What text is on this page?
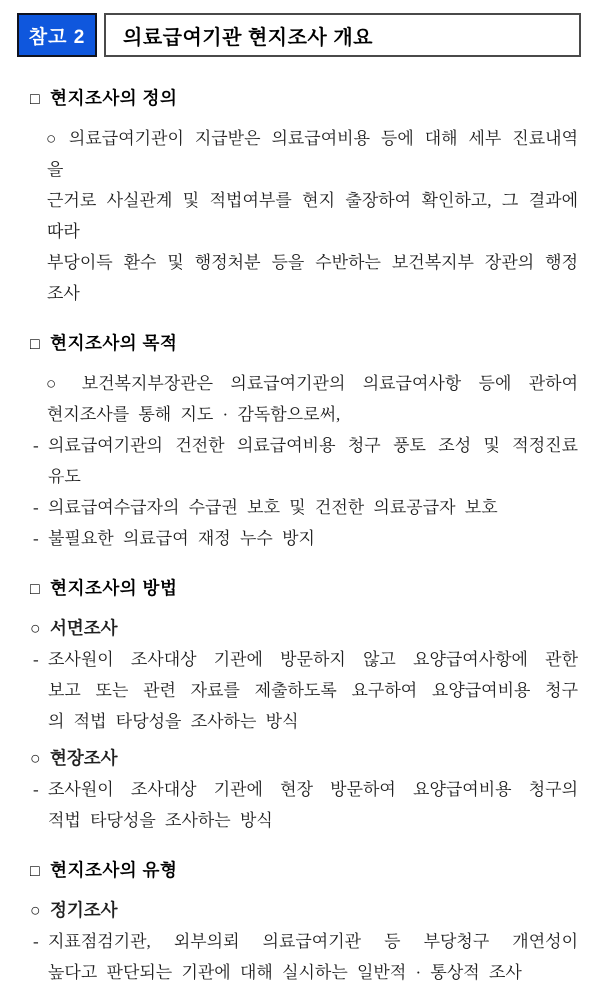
참고 2	의료급여기관 현지조사 개요
□ 현지조사의 정의
○ 의료급여기관이 지급받은 의료급여비용 등에 대해 세부 진료내역을
근거로 사실관계 및 적법여부를 현지 출장하여 확인하고, 그 결과에 따라
부당이득 환수 및 행정처분 등을 수반하는 보건복지부 장관의 행정조사
□ 현지조사의 목적
○ 보건복지부장관은 의료급여기관의 의료급여사항 등에 관하여
현지조사를 통해 지도 · 감독함으로써,
- 의료급여기관의 건전한 의료급여비용 청구 풍토 조성 및 적정진료 유도
- 의료급여수급자의 수급권 보호 및 건전한 의료공급자 보호
- 불필요한 의료급여 재정 누수 방지
□ 현지조사의 방법
○ 서면조사
- 조사원이 조사대상 기관에 방문하지 않고 요양급여사항에 관한
보고 또는 관련 자료를 제출하도록 요구하여 요양급여비용 청구
의 적법 타당성을 조사하는 방식
○ 현장조사
- 조사원이 조사대상 기관에 현장 방문하여 요양급여비용 청구의
적법 타당성을 조사하는 방식
□ 현지조사의 유형
○ 정기조사
- 지표점검기관, 외부의뢰 의료급여기관 등 부당청구 개연성이
높다고 판단되는 기관에 대해 실시하는 일반적 · 통상적 조사
